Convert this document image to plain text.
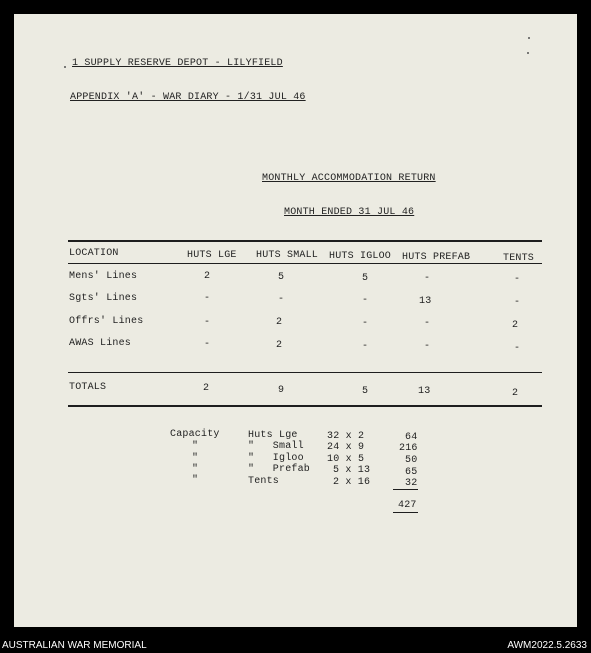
1 SUPPLY RESERVE DEPOT - LILYFIELD
APPENDIX 'A' - WAR DIARY - 1/31 JUL 46
MONTHLY ACCOMMODATION RETURN
MONTH ENDED 31 JUL 46
LOCATION	HUTS LGE HUTS SMALL HUTS IGLOO HUTS PREFAB	TENTS
Mens' Lines	2	5	5	-	-
Sgts' Lines	-	-	-	13	-
Offrs' Lines	-	2	-	-	2
AWAS Lines	-	2	-	-	-
TOTALS	2	9	5	13	2
Capacity	Huts Lge	32 x 2	64
"	"   Small 24 x 9	216
"	"   Igloo 10 x 5	50
"	"   Prefab 5 x 13	65
"	Tents	2 x 16	32
427
AUSTRALIAN WAR MEMORIAL	AWM2022.5.2633
